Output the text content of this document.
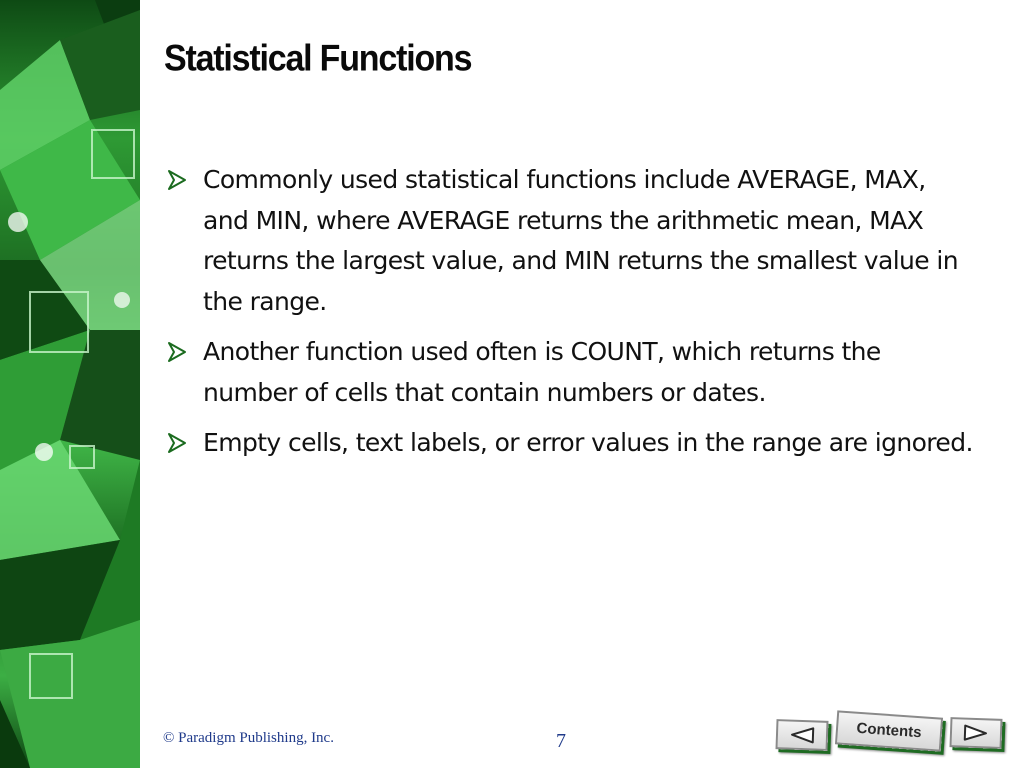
Statistical Functions
Commonly used statistical functions include AVERAGE, MAX, and MIN, where AVERAGE returns the arithmetic mean, MAX returns the largest value, and MIN returns the smallest value in the range.
Another function used often is COUNT, which returns the number of cells that contain numbers or dates.
Empty cells, text labels, or error values in the range are ignored.
© Paradigm Publishing, Inc.	7	Contents
